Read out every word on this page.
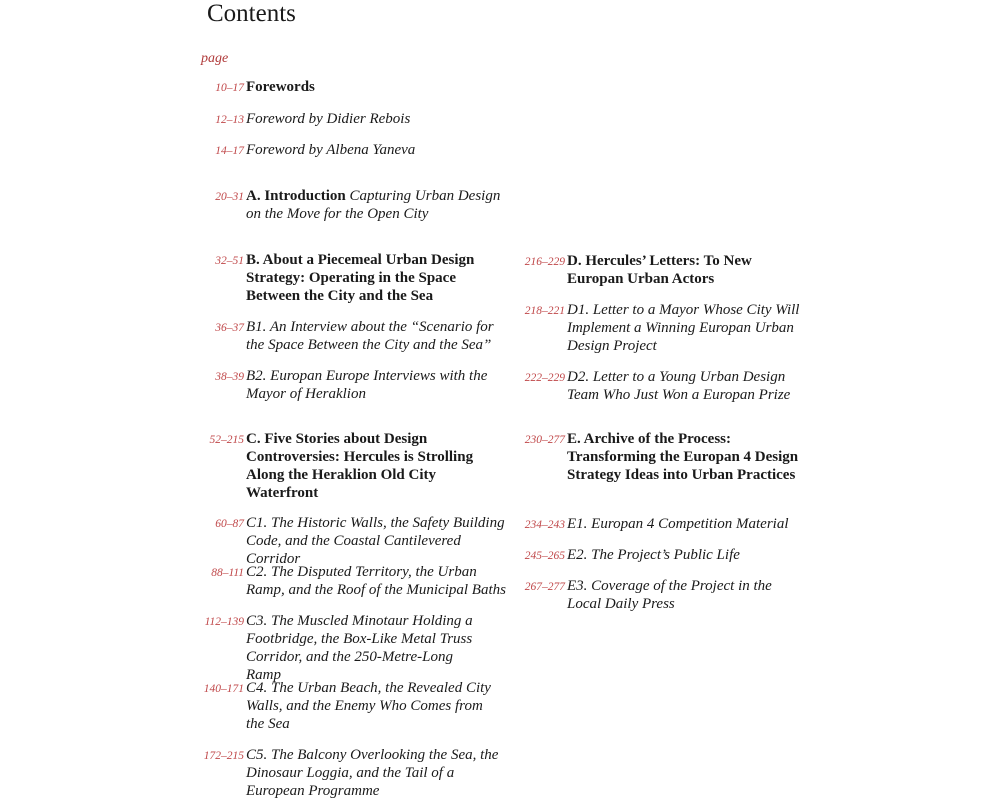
Contents
page
10–17 Forewords
12–13 Foreword by Didier Rebois
14–17 Foreword by Albena Yaneva
20–31 A. Introduction Capturing Urban Design on the Move for the Open City
32–51 B. About a Piecemeal Urban Design Strategy: Operating in the Space Between the City and the Sea
36–37 B1. An Interview about the “Scenario for the Space Between the City and the Sea”
38–39 B2. Europan Europe Interviews with the Mayor of Heraklion
52–215 C. Five Stories about Design Controversies: Hercules is Strolling Along the Heraklion Old City Waterfront
60–87 C1. The Historic Walls, the Safety Building Code, and the Coastal Cantilevered Corridor
88–111 C2. The Disputed Territory, the Urban Ramp, and the Roof of the Municipal Baths
112–139 C3. The Muscled Minotaur Holding a Footbridge, the Box-Like Metal Truss Corridor, and the 250-Metre-Long Ramp
140–171 C4. The Urban Beach, the Revealed City Walls, and the Enemy Who Comes from the Sea
172–215 C5. The Balcony Overlooking the Sea, the Dinosaur Loggia, and the Tail of a European Programme
216–229 D. Hercules’ Letters: To New Europan Urban Actors
218–221 D1. Letter to a Mayor Whose City Will Implement a Winning Europan Urban Design Project
222–229 D2. Letter to a Young Urban Design Team Who Just Won a Europan Prize
230–277 E. Archive of the Process: Transforming the Europan 4 Design Strategy Ideas into Urban Practices
234–243 E1. Europan 4 Competition Material
245–265 E2. The Project’s Public Life
267–277 E3. Coverage of the Project in the Local Daily Press
